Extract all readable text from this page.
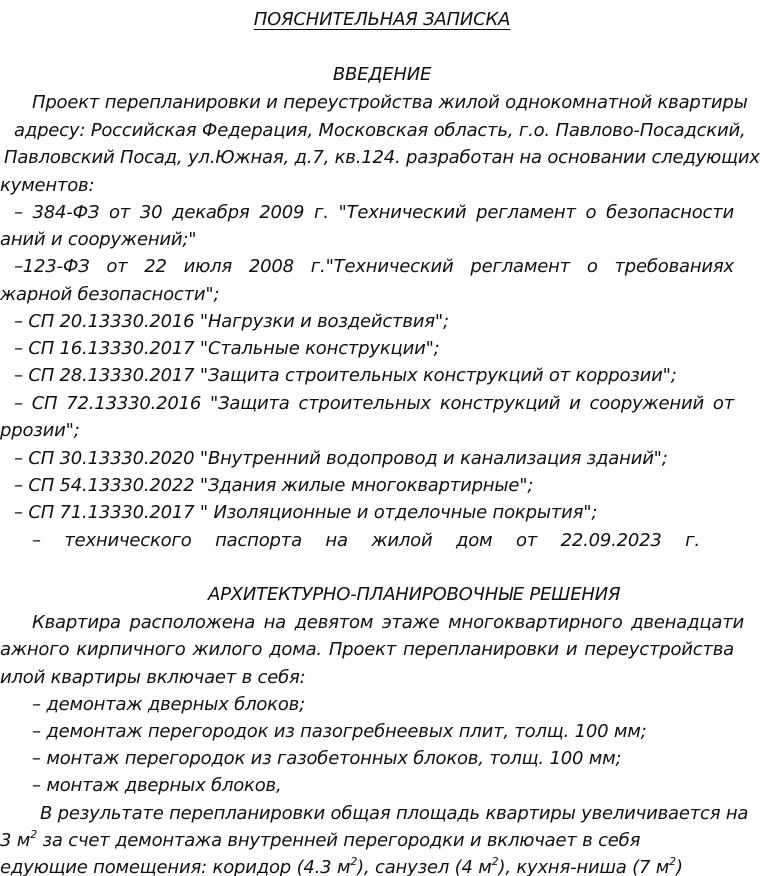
ПОЯСНИТЕЛЬНАЯ ЗАПИСКА
ВВЕДЕНИЕ
Проект перепланировки и переустройства жилой однокомнатной квартиры
адресу: Российская Федерация, Московская область, г.о. Павлово-Посадский,
Павловский Посад, ул.Южная, д.7, кв.124. разработан на основании следующих
кументов:
– 384-ФЗ от 30 декабря 2009 г. "Технический регламент о безопасности
аний и сооружений;"
–123-ФЗ от 22 июля 2008 г."Технический регламент о требованиях
жарной безопасности";
– СП 20.13330.2016 "Нагрузки и воздействия";
– СП 16.13330.2017 "Стальные конструкции";
– СП 28.13330.2017 "Защита строительных конструкций от коррозии";
– СП 72.13330.2016 "Защита строительных конструкций и сооружений от
ррозии";
– СП 30.13330.2020 "Внутренний водопровод и канализация зданий";
– СП 54.13330.2022 "Здания жилые многоквартирные";
– СП 71.13330.2017 " Изоляционные и отделочные покрытия";
– технического паспорта на жилой дом от 22.09.2023 г.
АРХИТЕКТУРНО-ПЛАНИРОВОЧНЫЕ РЕШЕНИЯ
Квартира расположена на девятом этаже многоквартирного двенадцати
ажного кирпичного жилого дома. Проект перепланировки и переустройства
илой квартиры включает в себя:
– демонтаж дверных блоков;
– демонтаж перегородок из пазогребнеевых плит, толщ. 100 мм;
– монтаж перегородок из газобетонных блоков, толщ. 100 мм;
– монтаж дверных блоков,
В результате перепланировки общая площадь квартиры увеличивается на
3 $м^2$ за счет демонтажа внутренней перегородки и включает в себя
едующие помещения: коридор (4.3 $м^2$), санузел (4 $м^2$), кухня-ниша (7 $м^2$)
